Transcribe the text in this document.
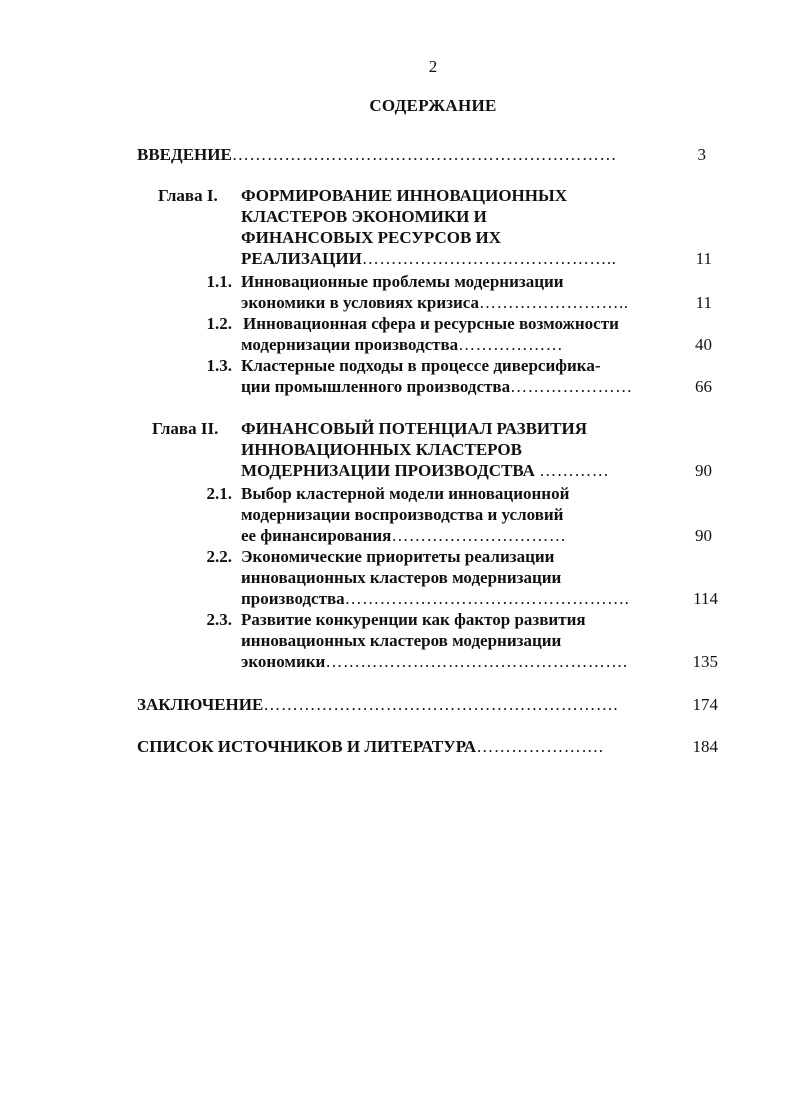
2
СОДЕРЖАНИЕ
ВВЕДЕНИЕ…………………………………………………………	3
Глава I. ФОРМИРОВАНИЕ ИННОВАЦИОННЫХ
КЛАСТЕРОВ ЭКОНОМИКИ И
ФИНАНСОВЫХ РЕСУРСОВ ИХ
РЕАЛИЗАЦИИ……………………………………..	11
1.1. Инновационные проблемы модернизации
экономики в условиях кризиса……………………..	11
1.2. Инновационная сфера и ресурсные возможности
модернизации производства………………	40
1.3. Кластерные подходы в процессе диверсифика-
ции промышленного производства…………………	66
Глава II. ФИНАНСОВЫЙ ПОТЕНЦИАЛ РАЗВИТИЯ
ИННОВАЦИОННЫХ КЛАСТЕРОВ
МОДЕРНИЗАЦИИ ПРОИЗВОДСТВА …………	90
2.1. Выбор кластерной модели инновационной
модернизации воспроизводства и условий
ее финансирования…………………………	90
2.2. Экономические приоритеты реализации
инновационных кластеров модернизации
производства………………………………………….	114
2.3. Развитие конкуренции как фактор развития
инновационных кластеров модернизации
экономики…………………………………………….	135
ЗАКЛЮЧЕНИЕ…………………………………………………….	174
СПИСОК ИСТОЧНИКОВ И ЛИТЕРАТУРА………………….	184
